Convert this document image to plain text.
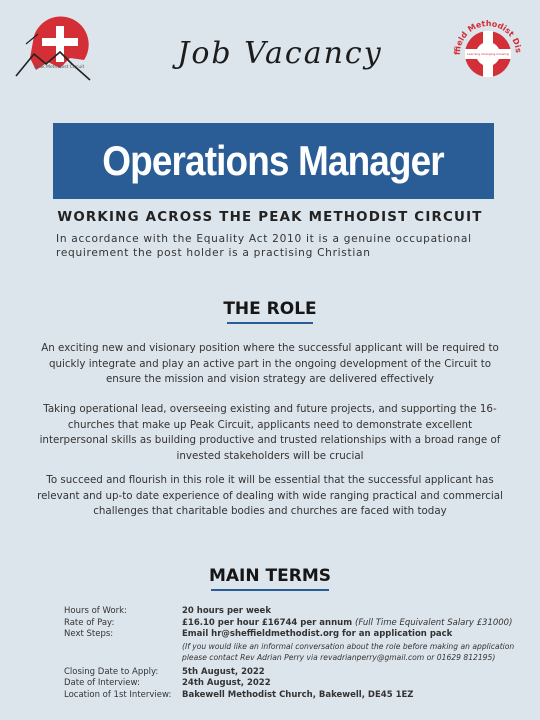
Peak Methodist Circuit	Job Vacancy	ffield Methodist Dis
Learning Changing Growing
Operations Manager
WORKING ACROSS THE PEAK METHODIST CIRCUIT
In accordance with the Equality Act 2010 it is a genuine occupational requirement the post holder is a practising Christian
THE ROLE
An exciting new and visionary position where the successful applicant will be required to quickly integrate and play an active part in the ongoing development of the Circuit to ensure the mission and vision strategy are delivered effectively
Taking operational lead, overseeing existing and future projects, and supporting the 16-churches that make up Peak Circuit, applicants need to demonstrate excellent interpersonal skills as building productive and trusted relationships with a broad range of invested stakeholders will be crucial
To succeed and flourish in this role it will be essential that the successful applicant has relevant and up-to date experience of dealing with wide ranging practical and commercial challenges that charitable bodies and churches are faced with today
MAIN TERMS
Hours of Work:	20 hours per week
Rate of Pay:	£16.10 per hour £16744 per annum (Full Time Equivalent Salary £31000)
Next Steps:	Email hr@sheffieldmethodist.org for an application pack
(If you would like an informal conversation about the role before making an application please contact Rev Adrian Perry via revadrianperry@gmail.com or 01629 812195)
Closing Date to Apply:	5th August, 2022
Date of Interview:	24th August, 2022
Location of 1st Interview:	Bakewell Methodist Church, Bakewell, DE45 1EZ
